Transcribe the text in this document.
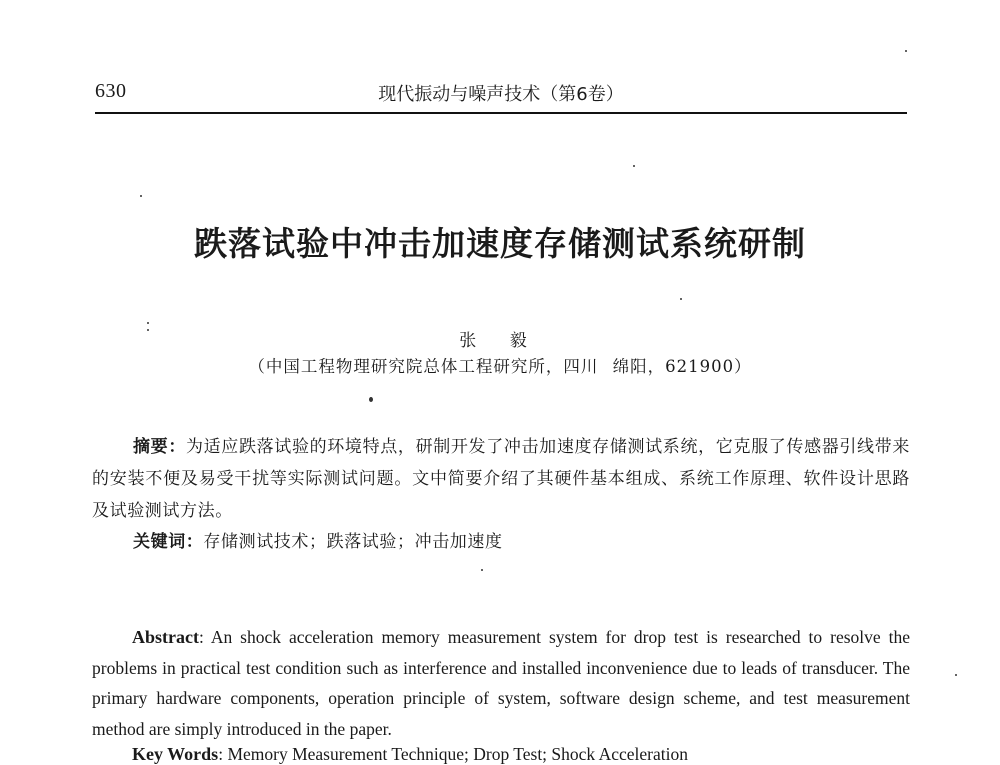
630	现代振动与噪声技术（第6卷）
跌落试验中冲击加速度存储测试系统研制
张 毅
（中国工程物理研究院总体工程研究所，四川 绵阳，621900）
摘要：为适应跌落试验的环境特点，研制开发了冲击加速度存储测试系统，它克服了传感器引线带来的安装不便及易受干扰等实际测试问题。文中简要介绍了其硬件基本组成、系统工作原理、软件设计思路及试验测试方法。
关键词：存储测试技术；跌落试验；冲击加速度
Abstract: An shock acceleration memory measurement system for drop test is researched to resolve the problems in practical test condition such as interference and installed inconvenience due to leads of transducer. The primary hardware components, operation principle of system, software design scheme, and test measurement method are simply introduced in the paper.
Key Words: Memory Measurement Technique; Drop Test; Shock Acceleration
